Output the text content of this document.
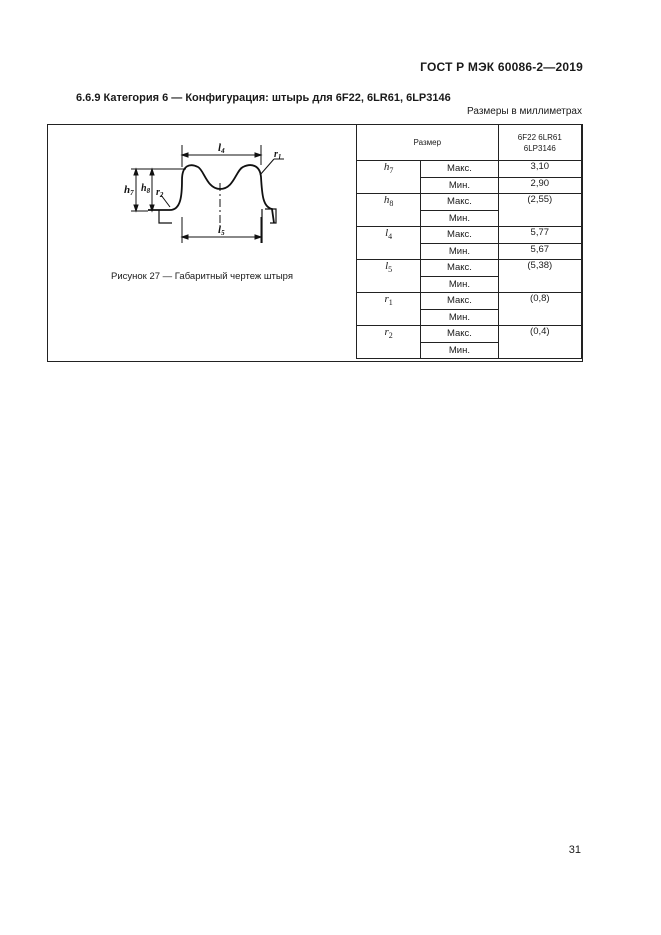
ГОСТ Р МЭК 60086-2—2019
6.6.9 Категория 6 — Конфигурация: штырь для 6F22, 6LR61, 6LP3146
Размеры в миллиметрах
l4
l5
h7 $h_8$ $r_2$
$r_1$
Рисунок 27 — Габаритный чертеж штыря
Размер		6F22 6LR61
6LP3146
$h_7$	Макс.	3,10
	Мин.	2,90
$h_8$	Макс.	(2,55)
	Мин.	
$l_4$	Макс.	5,77
	Мин.	5,67
$l_5$	Макс.	(5,38)
	Мин.	
$r_1$	Макс.	(0,8)
	Мин.	
$r_2$	Макс.	(0,4)
	Мин.	
31
